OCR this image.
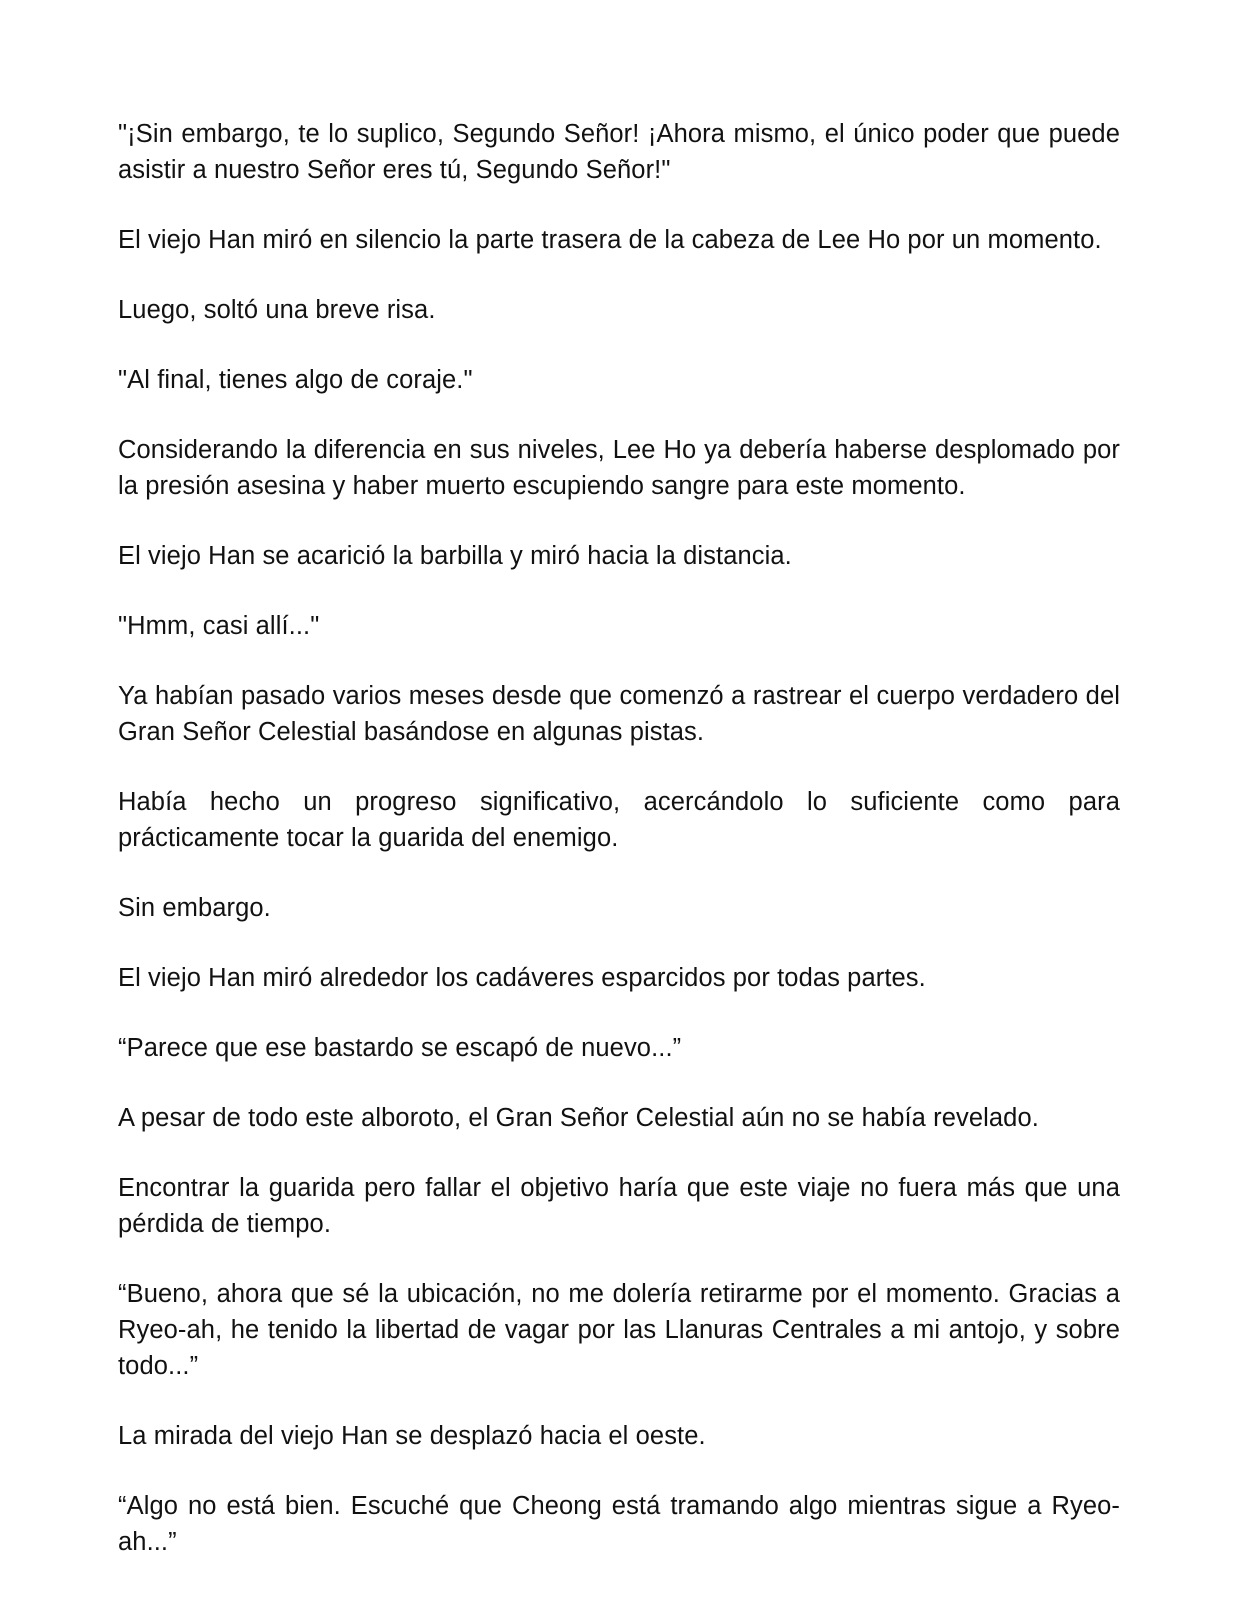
"¡Sin embargo, te lo suplico, Segundo Señor! ¡Ahora mismo, el único poder que puede asistir a nuestro Señor eres tú, Segundo Señor!"

El viejo Han miró en silencio la parte trasera de la cabeza de Lee Ho por un momento.

Luego, soltó una breve risa.

"Al final, tienes algo de coraje."

Considerando la diferencia en sus niveles, Lee Ho ya debería haberse desplomado por la presión asesina y haber muerto escupiendo sangre para este momento.

El viejo Han se acarició la barbilla y miró hacia la distancia.

"Hmm, casi allí..."

Ya habían pasado varios meses desde que comenzó a rastrear el cuerpo verdadero del Gran Señor Celestial basándose en algunas pistas.

Había hecho un progreso significativo, acercándolo lo suficiente como para prácticamente tocar la guarida del enemigo.

Sin embargo.

El viejo Han miró alrededor los cadáveres esparcidos por todas partes.

“Parece que ese bastardo se escapó de nuevo...”

A pesar de todo este alboroto, el Gran Señor Celestial aún no se había revelado.

Encontrar la guarida pero fallar el objetivo haría que este viaje no fuera más que una pérdida de tiempo.

“Bueno, ahora que sé la ubicación, no me dolería retirarme por el momento. Gracias a Ryeo-ah, he tenido la libertad de vagar por las Llanuras Centrales a mi antojo, y sobre todo...”

La mirada del viejo Han se desplazó hacia el oeste.

“Algo no está bien. Escuché que Cheong está tramando algo mientras sigue a Ryeo-ah...”
